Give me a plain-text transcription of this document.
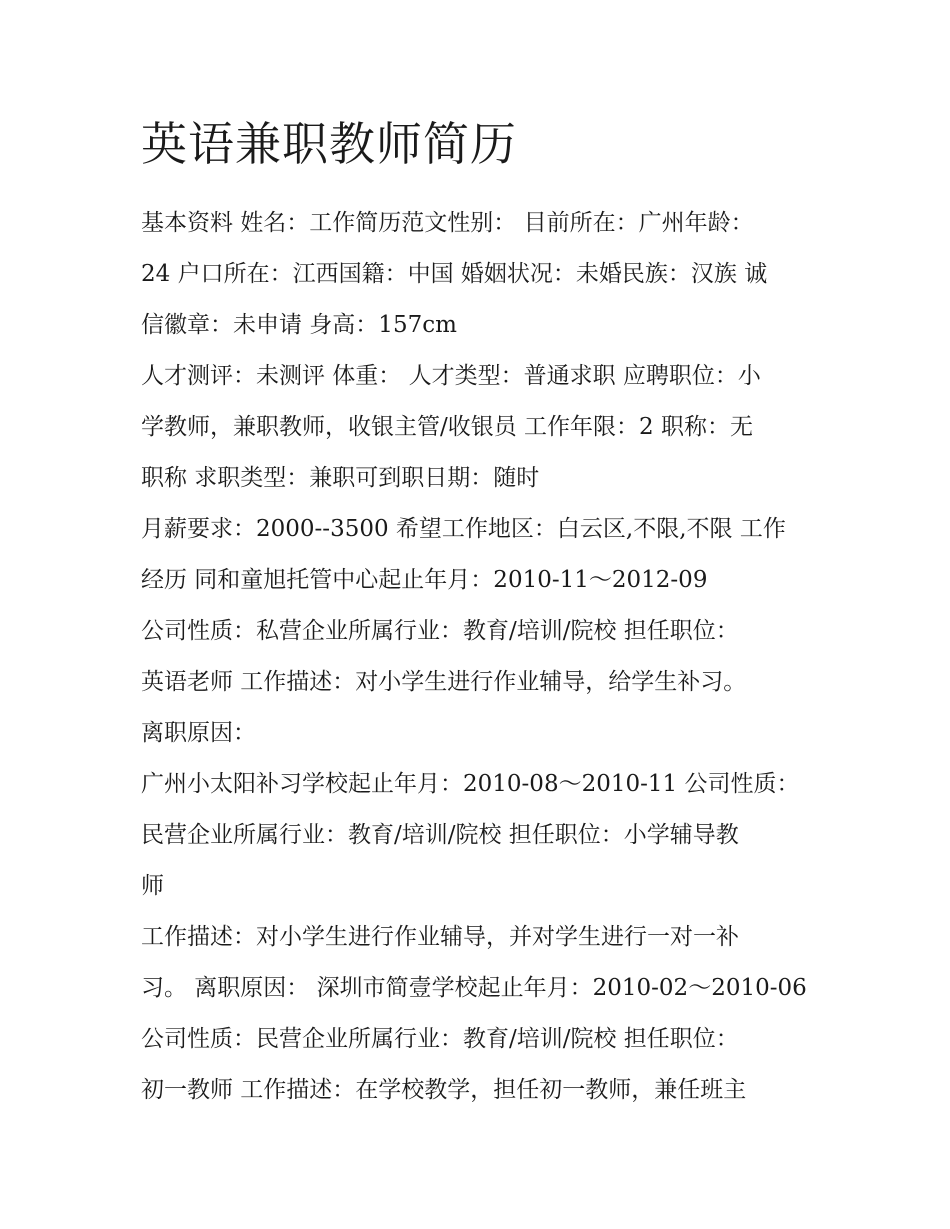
英语兼职教师简历

基本资料 姓名：工作简历范文性别： 目前所在：广州年龄：

24 户口所在：江西国籍：中国 婚姻状况：未婚民族：汉族 诚

信徽章：未申请 身高：157cm

人才测评：未测评 体重： 人才类型：普通求职 应聘职位：小

学教师，兼职教师，收银主管/收银员 工作年限：2 职称：无

职称 求职类型：兼职可到职日期：随时

月薪要求：2000--3500 希望工作地区：白云区,不限,不限 工作

经历 同和童旭托管中心起止年月：2010-11～2012-09

公司性质：私营企业所属行业：教育/培训/院校 担任职位：

英语老师 工作描述：对小学生进行作业辅导，给学生补习。

离职原因：

广州小太阳补习学校起止年月：2010-08～2010-11 公司性质：

民营企业所属行业：教育/培训/院校 担任职位：小学辅导教

师

工作描述：对小学生进行作业辅导，并对学生进行一对一补

习。 离职原因： 深圳市简壹学校起止年月：2010-02～2010-06

公司性质：民营企业所属行业：教育/培训/院校 担任职位：

初一教师 工作描述：在学校教学，担任初一教师，兼任班主
